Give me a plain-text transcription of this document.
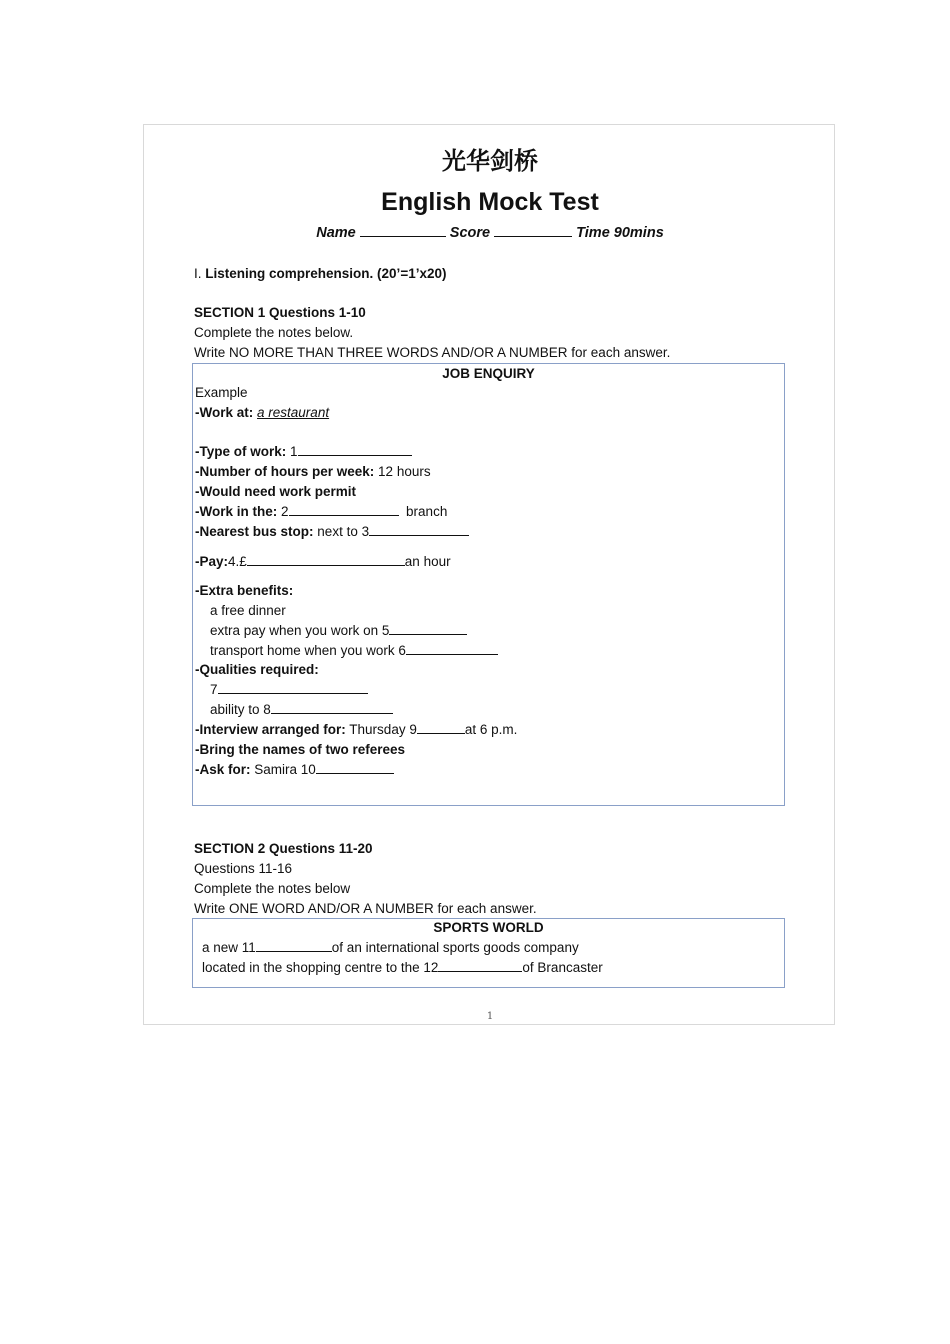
光华剑桥
English Mock Test
Name	Score	Time 90mins
I. Listening comprehension. (20’=1’x20)
SECTION 1 Questions 1-10
Complete the notes below.
Write NO MORE THAN THREE WORDS AND/OR A NUMBER for each answer.
JOB ENQUIRY
Example
-Work at: a restaurant
-Type of work: 1
-Number of hours per week: 12 hours
-Would need work permit
-Work in the: 2	branch
-Nearest bus stop: next to 3
-Pay:4.£	an hour
-Extra benefits:
a free dinner
extra pay when you work on 5
transport home when you work 6
-Qualities required:
7
ability to 8
-Interview arranged for: Thursday 9	at 6 p.m.
-Bring the names of two referees
-Ask for: Samira 10
SECTION 2 Questions 11-20
Questions 11-16
Complete the notes below
Write ONE WORD AND/OR A NUMBER for each answer.
SPORTS WORLD
a new 11	of an international sports goods company
located in the shopping centre to the 12	of Brancaster
1
